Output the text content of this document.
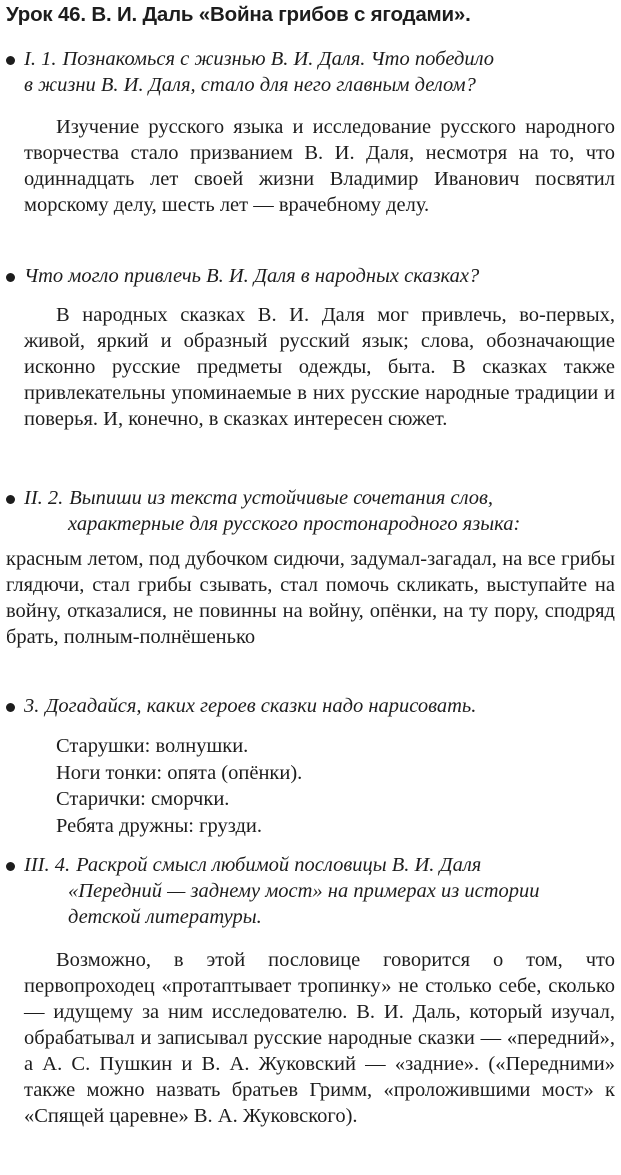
Урок 46. В. И. Даль «Война грибов с ягодами».
I. 1. Познакомься с жизнью В. И. Даля. Что победило
в жизни В. И. Даля, стало для него главным делом?

Изучение русского языка и исследование русского народного творчества стало призванием В. И. Даля, несмотря на то, что одиннадцать лет своей жизни Владимир Иванович посвятил морскому делу, шесть лет — врачебному делу.

Что могло привлечь В. И. Даля в народных сказках?

В народных сказках В. И. Даля мог привлечь, во-первых, живой, яркий и образный русский язык; слова, обозначающие исконно русские предметы одежды, быта. В сказках также привлекательны упоминаемые в них русские народные традиции и поверья. И, конечно, в сказках интересен сюжет.

II. 2. Выпиши из текста устойчивые сочетания слов,
характерные для русского простонародного языка:

красным летом, под дубочком сидючи, задумал-загадал, на все грибы глядючи, стал грибы сзывать, стал помочь скликать, выступайте на войну, отказалися, не повинны на войну, опёнки, на ту пору, сподряд брать, полным-полнёшенько

3. Догадайся, каких героев сказки надо нарисовать.
Старушки: волнушки.
Ноги тонки: опята (опёнки).
Старички: сморчки.
Ребята дружны: грузди.
III. 4. Раскрой смысл любимой пословицы В. И. Даля
«Передний — заднему мост» на примерах из истории
детской литературы.

Возможно, в этой пословице говорится о том, что первопроходец «протаптывает тропинку» не столько себе, сколько — идущему за ним исследователю. В. И. Даль, который изучал, обрабатывал и записывал русские народные сказки — «передний», а А. С. Пушкин и В. А. Жуковский — «задние». («Передними» также можно назвать братьев Гримм, «проложившими мост» к «Спящей царевне» В. А. Жуковского).
